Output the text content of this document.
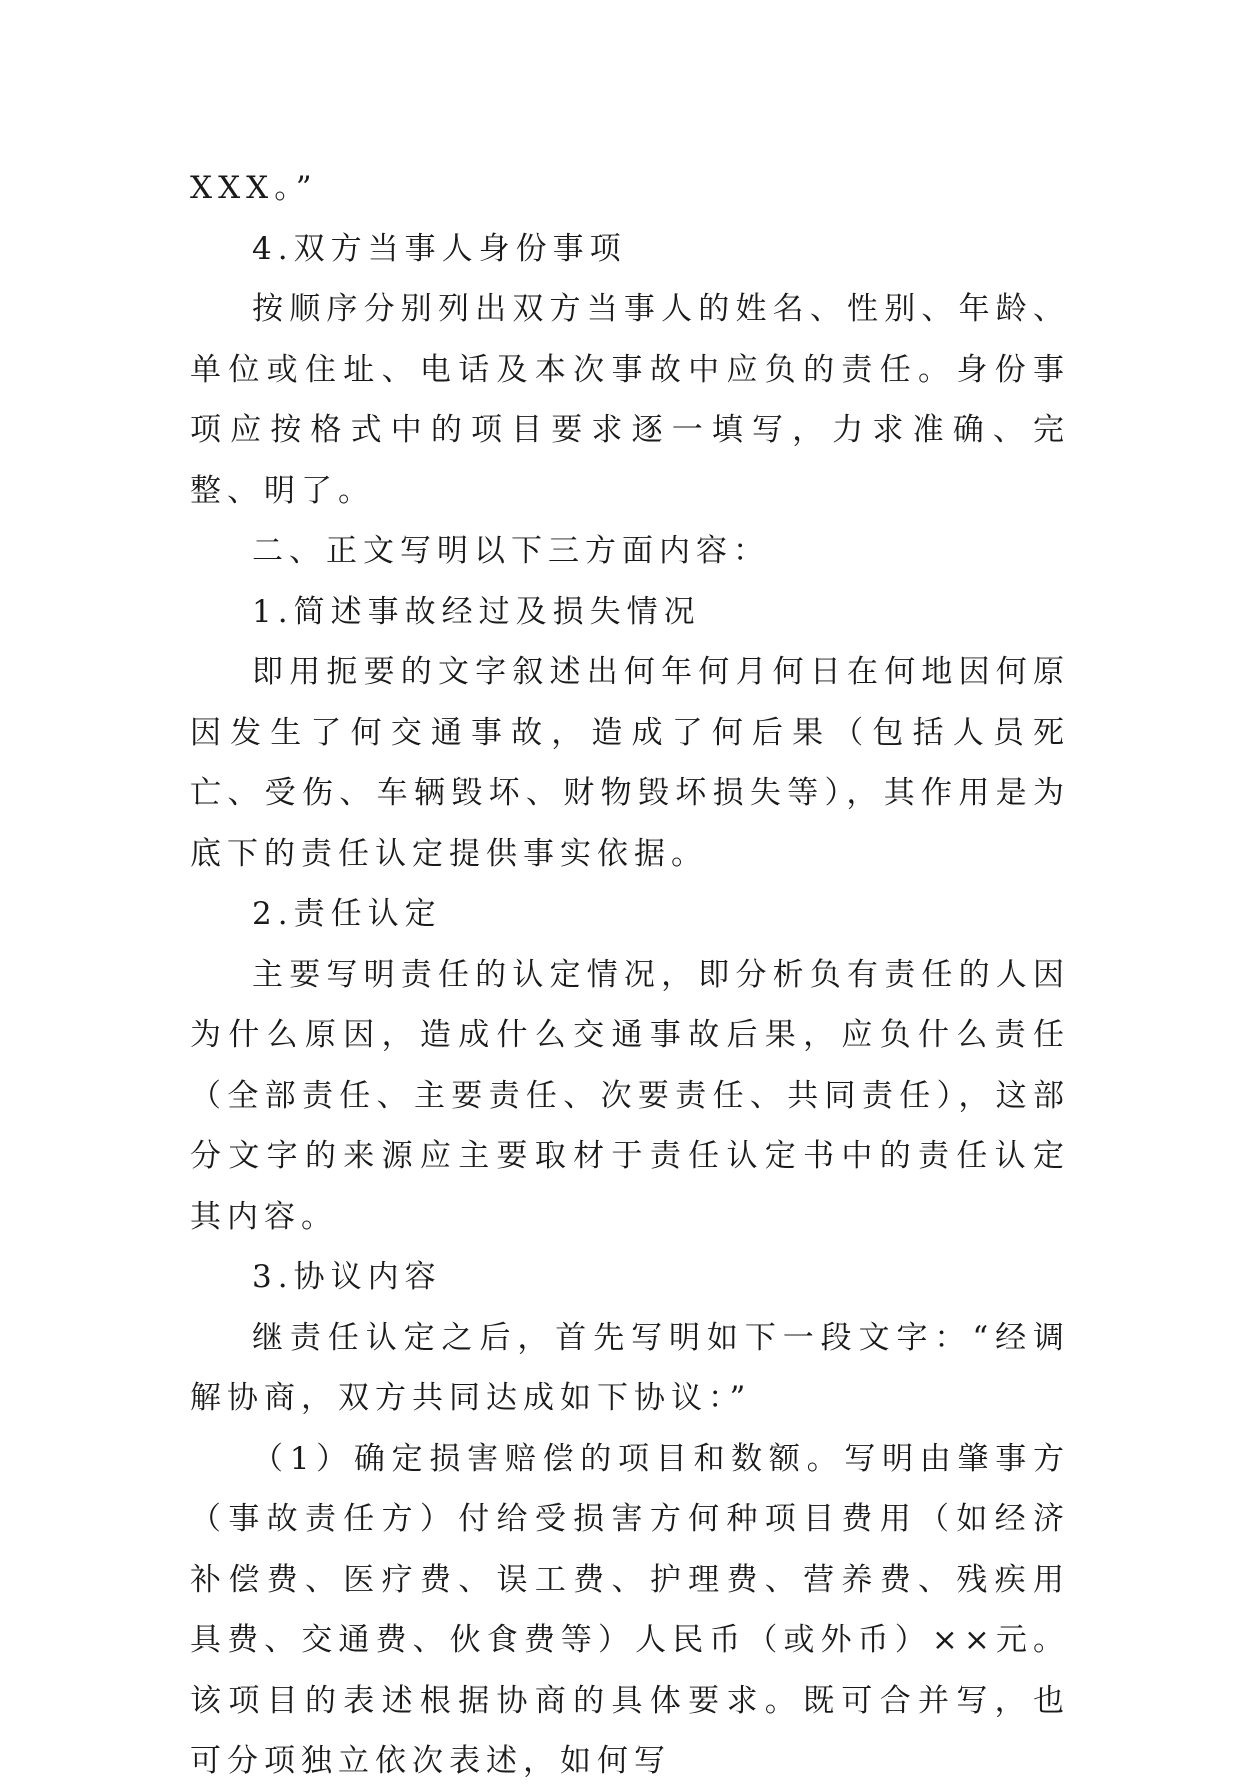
XXX。”

4.双方当事人身份事项

按顺序分别列出双方当事人的姓名、性别、年龄、单位或住址、电话及本次事故中应负的责任。身份事项应按格式中的项目要求逐一填写，力求准确、完整、明了。

二、正文写明以下三方面内容：

1.简述事故经过及损失情况

即用扼要的文字叙述出何年何月何日在何地因何原因发生了何交通事故，造成了何后果（包括人员死亡、受伤、车辆毁坏、财物毁坏损失等），其作用是为底下的责任认定提供事实依据。

2.责任认定

主要写明责任的认定情况，即分析负有责任的人因为什么原因，造成什么交通事故后果，应负什么责任（全部责任、主要责任、次要责任、共同责任），这部分文字的来源应主要取材于责任认定书中的责任认定其内容。

3.协议内容

继责任认定之后，首先写明如下一段文字：“经调解协商，双方共同达成如下协议：”

（1）确定损害赔偿的项目和数额。写明由肇事方（事故责任方）付给受损害方何种项目费用（如经济补偿费、医疗费、误工费、护理费、营养费、残疾用具费、交通费、伙食费等）人民币（或外币）××元。该项目的表述根据协商的具体要求。既可合并写，也可分项独立依次表述，如何写
